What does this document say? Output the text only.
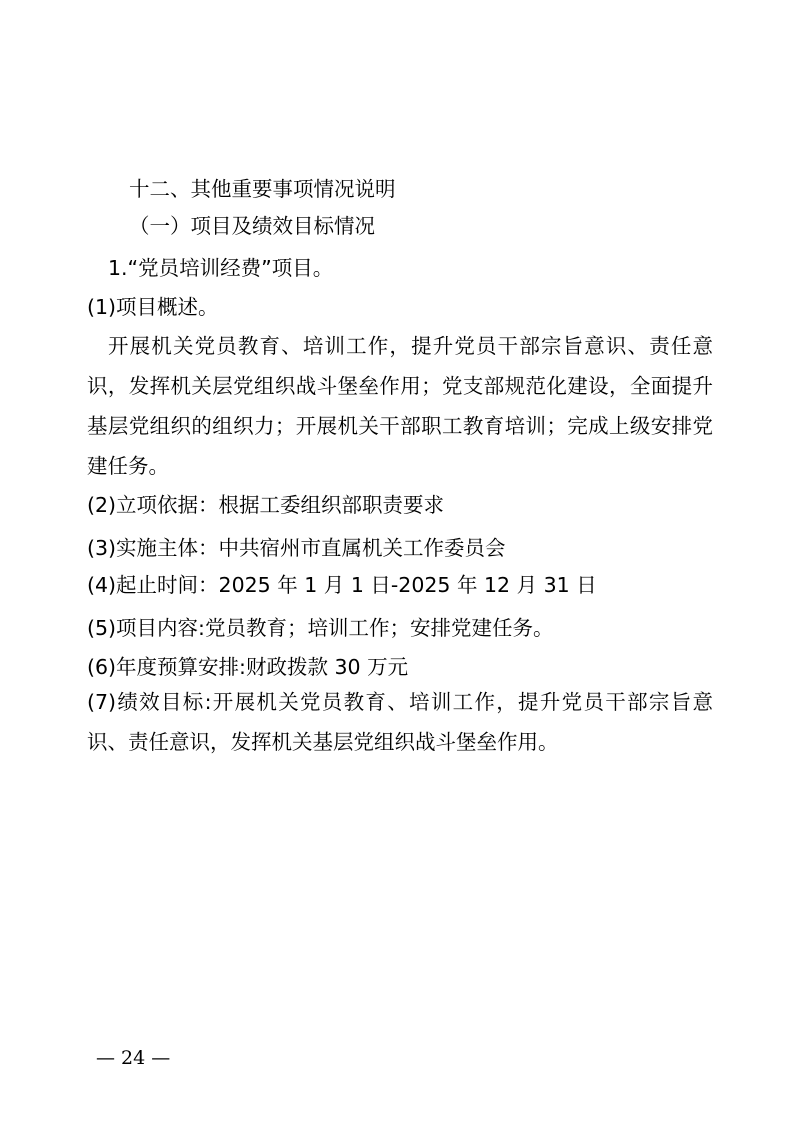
十二、其他重要事项情况说明

（一）项目及绩效目标情况

1.“党员培训经费”项目。

(1)项目概述。

开展机关党员教育、培训工作，提升党员干部宗旨意识、责任意识，发挥机关层党组织战斗堡垒作用；党支部规范化建设，全面提升基层党组织的组织力；开展机关干部职工教育培训；完成上级安排党建任务。

(2)立项依据：根据工委组织部职责要求

(3)实施主体：中共宿州市直属机关工作委员会

(4)起止时间：2025 年 1 月 1 日-2025 年 12 月 31 日

(5)项目内容:党员教育；培训工作；安排党建任务。

(6)年度预算安排:财政拨款 30 万元

(7)绩效目标:开展机关党员教育、培训工作，提升党员干部宗旨意识、责任意识，发挥机关基层党组织战斗堡垒作用。

— 24 —
